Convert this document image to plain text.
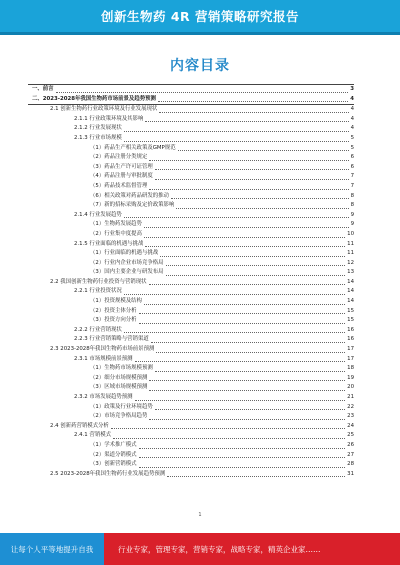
创新生物药 4R 营销策略研究报告
内容目录
一、前言	3
二、2023-2028年我国生物药市场前景及趋势预测	4
2.1 创新生物药行业政策环境及行业发展现状	4
2.1.1 行业政策环境及其影响	4
2.1.2 行业发展现状	4
2.1.3 行业市场规模	5
（1）药品生产相关政策及GMP规范	5
（2）药品注册分类规定	6
（3）药品生产许可证管理	6
（4）药品注册与审批制度	7
（5）药品技术监督管理	7
（6）相关政策对药品研发的推动	8
（7）新的招标采购及定价政策影响	8
2.1.4 行业发展趋势	9
（1）生物药发展趋势	9
（2）行业集中度提高	10
2.1.5 行业面临的机遇与挑战	11
（1）行业面临的机遇与挑战	11
（2）行业内企业市场竞争格局	12
（3）国内主要企业与研发布局	13
2.2 我国创新生物药行业投资与营销现状	14
2.2.1 行业投资状况	14
（1）投资规模及结构	14
（2）投资主体分析	15
（3）投资方向分析	15
2.2.2 行业营销现状	16
2.2.3 行业营销策略与营销渠道	16
2.3 2023-2028年我国生物药市场前景预测	17
2.3.1 市场规模前景预测	17
（1）生物药市场规模预测	18
（2）细分市场规模预测	19
（3）区域市场规模预测	20
2.3.2 市场发展趋势预测	21
（1）政策及行业环境趋势	22
（2）市场竞争格局趋势	23
2.4 创新药营销模式分析	24
2.4.1 营销模式	25
（1）学术推广模式	26
（2）渠道分销模式	27
（3）创新营销模式	28
2.5 2023-2028年我国生物药行业发展趋势预测	31
1
让每个人平等地提升自我	行业专家，管理专家，营销专家，战略专家，精英企业家……
